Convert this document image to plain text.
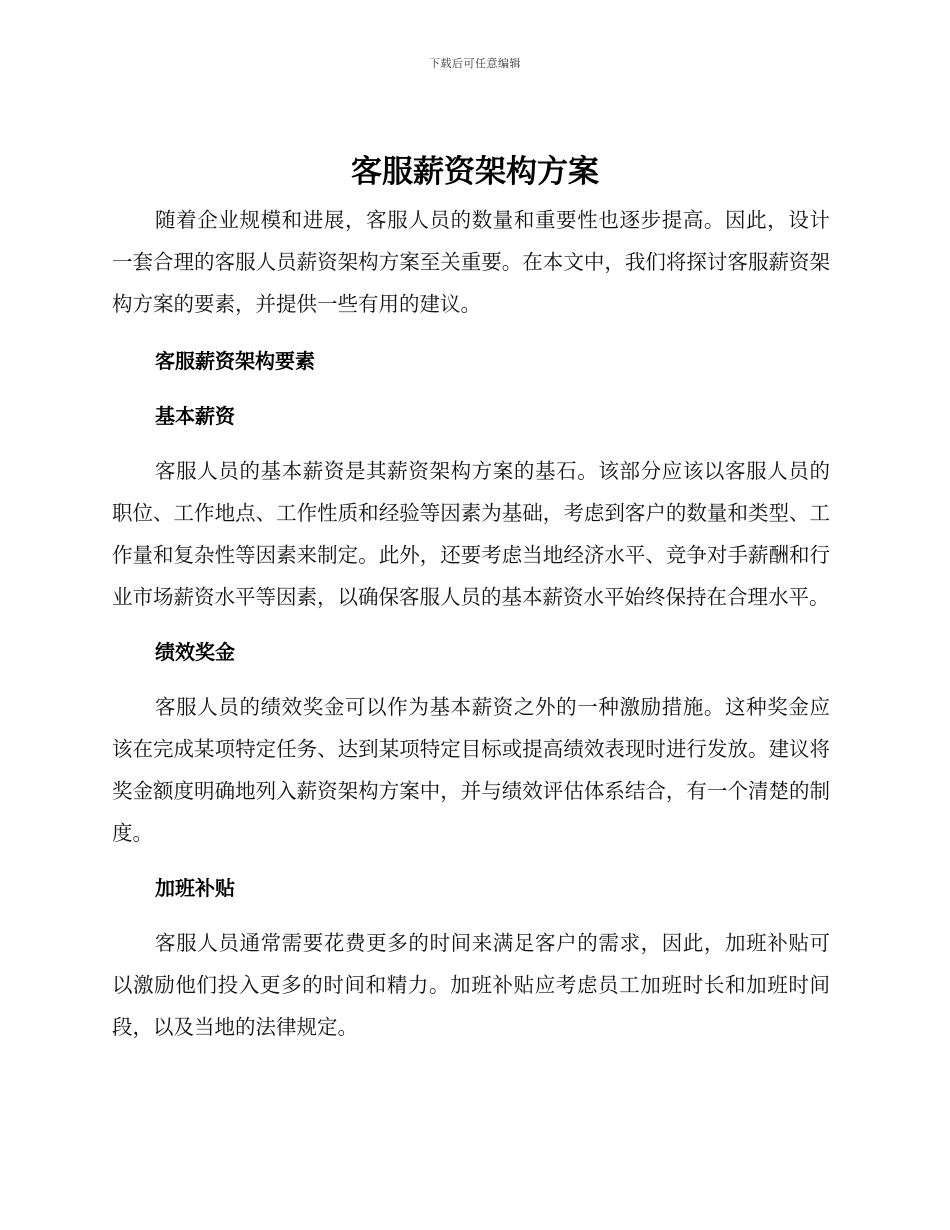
下载后可任意编辑
客服薪资架构方案

随着企业规模和进展，客服人员的数量和重要性也逐步提高。因此，设计一套合理的客服人员薪资架构方案至关重要。在本文中，我们将探讨客服薪资架构方案的要素，并提供一些有用的建议。

客服薪资架构要素

基本薪资

客服人员的基本薪资是其薪资架构方案的基石。该部分应该以客服人员的职位、工作地点、工作性质和经验等因素为基础，考虑到客户的数量和类型、工作量和复杂性等因素来制定。此外，还要考虑当地经济水平、竞争对手薪酬和行业市场薪资水平等因素，以确保客服人员的基本薪资水平始终保持在合理水平。

绩效奖金

客服人员的绩效奖金可以作为基本薪资之外的一种激励措施。这种奖金应该在完成某项特定任务、达到某项特定目标或提高绩效表现时进行发放。建议将奖金额度明确地列入薪资架构方案中，并与绩效评估体系结合，有一个清楚的制度。

加班补贴

客服人员通常需要花费更多的时间来满足客户的需求，因此，加班补贴可以激励他们投入更多的时间和精力。加班补贴应考虑员工加班时长和加班时间段，以及当地的法律规定。
